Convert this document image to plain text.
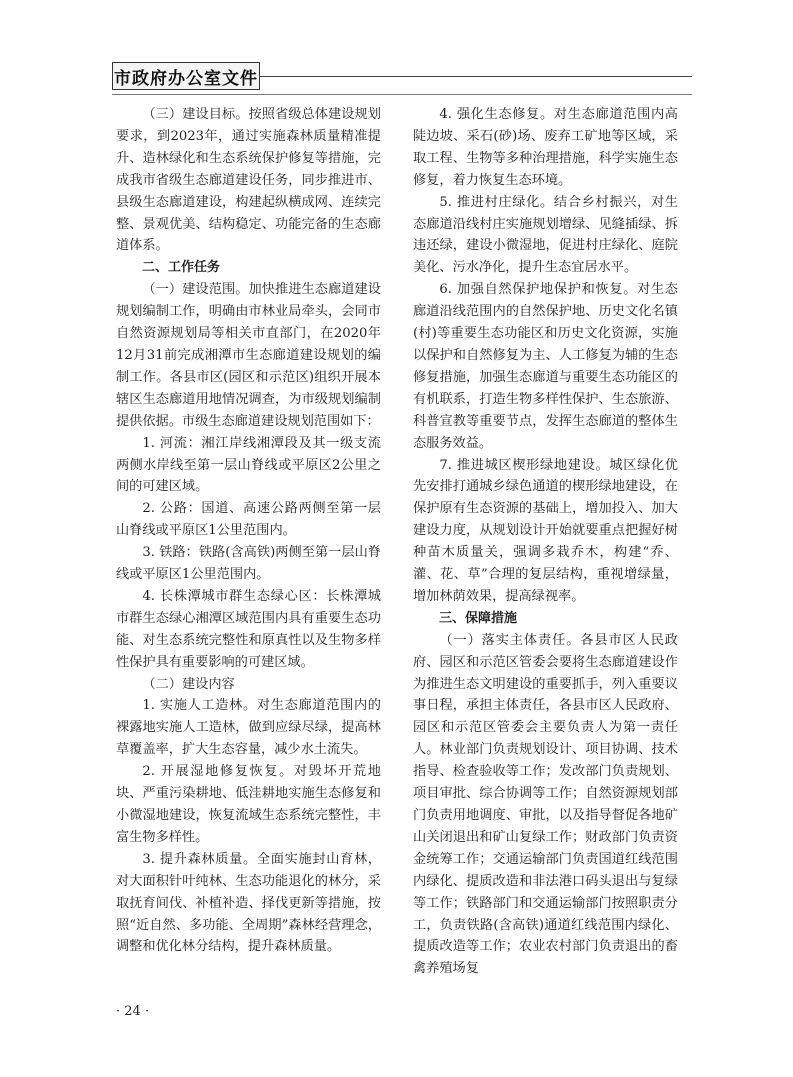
市政府办公室文件

（三）建设目标。按照省级总体建设规划要求，到2023年，通过实施森林质量精准提升、造林绿化和生态系统保护修复等措施，完成我市省级生态廊道建设任务，同步推进市、县级生态廊道建设，构建起纵横成网、连续完整、景观优美、结构稳定、功能完备的生态廊道体系。

二、工作任务

（一）建设范围。加快推进生态廊道建设规划编制工作，明确由市林业局牵头，会同市自然资源规划局等相关市直部门，在2020年12月31前完成湘潭市生态廊道建设规划的编制工作。各县市区(园区和示范区)组织开展本辖区生态廊道用地情况调查，为市级规划编制提供依据。市级生态廊道建设规划范围如下：

1. 河流：湘江岸线湘潭段及其一级支流两侧水岸线至第一层山脊线或平原区2公里之间的可建区域。

2. 公路：国道、高速公路两侧至第一层山脊线或平原区1公里范围内。

3. 铁路：铁路(含高铁)两侧至第一层山脊线或平原区1公里范围内。

4. 长株潭城市群生态绿心区：长株潭城市群生态绿心湘潭区域范围内具有重要生态功能、对生态系统完整性和原真性以及生物多样性保护具有重要影响的可建区域。

（二）建设内容

1. 实施人工造林。对生态廊道范围内的裸露地实施人工造林，做到应绿尽绿，提高林草覆盖率，扩大生态容量，减少水土流失。

2. 开展湿地修复恢复。对毁坏开荒地块、严重污染耕地、低洼耕地实施生态修复和小微湿地建设，恢复流域生态系统完整性，丰富生物多样性。

3. 提升森林质量。全面实施封山育林，对大面积针叶纯林、生态功能退化的林分，采取抚育间伐、补植补造、择伐更新等措施，按照“近自然、多功能、全周期”森林经营理念，调整和优化林分结构，提升森林质量。

4. 强化生态修复。对生态廊道范围内高陡边坡、采石(砂)场、废弃工矿地等区域，采取工程、生物等多种治理措施，科学实施生态修复，着力恢复生态环境。

5. 推进村庄绿化。结合乡村振兴，对生态廊道沿线村庄实施规划增绿、见缝插绿、拆违还绿，建设小微湿地，促进村庄绿化、庭院美化、污水净化，提升生态宜居水平。

6. 加强自然保护地保护和恢复。对生态廊道沿线范围内的自然保护地、历史文化名镇(村)等重要生态功能区和历史文化资源，实施以保护和自然修复为主、人工修复为辅的生态修复措施，加强生态廊道与重要生态功能区的有机联系，打造生物多样性保护、生态旅游、科普宣教等重要节点，发挥生态廊道的整体生态服务效益。

7. 推进城区楔形绿地建设。城区绿化优先安排打通城乡绿色通道的楔形绿地建设，在保护原有生态资源的基础上，增加投入、加大建设力度，从规划设计开始就要重点把握好树种苗木质量关，强调多栽乔木，构建“乔、灌、花、草”合理的复层结构，重视增绿量，增加林荫效果，提高绿视率。

三、保障措施

（一）落实主体责任。各县市区人民政府、园区和示范区管委会要将生态廊道建设作为推进生态文明建设的重要抓手，列入重要议事日程，承担主体责任，各县市区人民政府、园区和示范区管委会主要负责人为第一责任人。林业部门负责规划设计、项目协调、技术指导、检查验收等工作；发改部门负责规划、项目审批、综合协调等工作；自然资源规划部门负责用地调度、审批，以及指导督促各地矿山关闭退出和矿山复绿工作；财政部门负责资金统筹工作；交通运输部门负责国道红线范围内绿化、提质改造和非法港口码头退出与复绿等工作；铁路部门和交通运输部门按照职责分工，负责铁路(含高铁)通道红线范围内绿化、提质改造等工作；农业农村部门负责退出的畜禽养殖场复

· 24 ·
